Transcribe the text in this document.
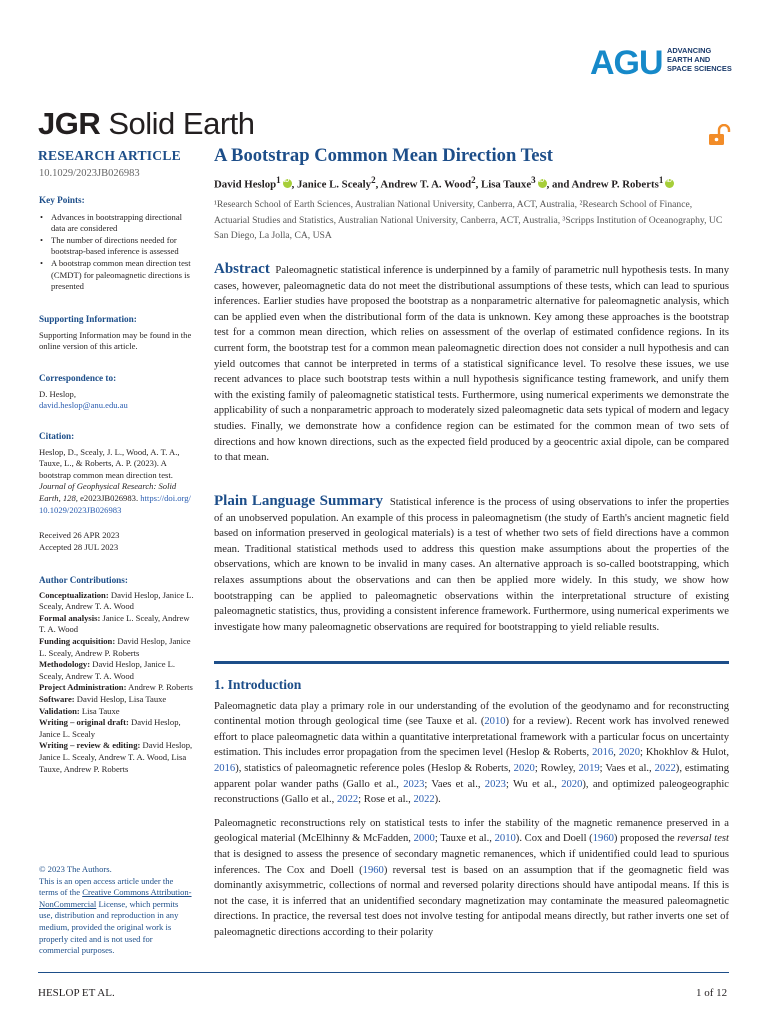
AGU ADVANCING
EARTH AND
SPACE SCIENCES
JGR Solid Earth
RESEARCH ARTICLE
10.1029/2023JB026983
Key Points:
• Advances in bootstrapping directional data are considered
• The number of directions needed for bootstrap-based inference is assessed
• A bootstrap common mean direction test (CMDT) for paleomagnetic directions is presented
Supporting Information:
Supporting Information may be found in the online version of this article.
Correspondence to:
D. Heslop,
david.heslop@anu.edu.au
Citation:
Heslop, D., Scealy, J. L., Wood, A. T. A., Tauxe, L., & Roberts, A. P. (2023). A bootstrap common mean direction test. Journal of Geophysical Research: Solid Earth, 128, e2023JB026983. https://doi.org/10.1029/2023JB026983
Received 26 APR 2023
Accepted 28 JUL 2023
Author Contributions:
Conceptualization: David Heslop, Janice L. Scealy, Andrew T. A. Wood
Formal analysis: Janice L. Scealy, Andrew T. A. Wood
Funding acquisition: David Heslop, Janice L. Scealy, Andrew P. Roberts
Methodology: David Heslop, Janice L. Scealy, Andrew T. A. Wood
Project Administration: Andrew P. Roberts
Software: David Heslop, Lisa Tauxe
Validation: Lisa Tauxe
Writing – original draft: David Heslop, Janice L. Scealy
Writing – review & editing: David Heslop, Janice L. Scealy, Andrew T. A. Wood, Lisa Tauxe, Andrew P. Roberts
© 2023 The Authors.
This is an open access article under the terms of the Creative Commons Attribution-NonCommercial License, which permits use, distribution and reproduction in any medium, provided the original work is properly cited and is not used for commercial purposes.
A Bootstrap Common Mean Direction Test
David Heslop$^1$ iD , Janice L. Scealy$^2$, Andrew T. A. Wood$^2$, Lisa Tauxe$^3$ iD , and Andrew P. Roberts$^1$iD
¹Research School of Earth Sciences, Australian National University, Canberra, ACT, Australia, ²Research School of Finance, Actuarial Studies and Statistics, Australian National University, Canberra, ACT, Australia, ³Scripps Institution of Oceanography, UC San Diego, La Jolla, CA, USA
Abstract Paleomagnetic statistical inference is underpinned by a family of parametric null hypothesis tests. In many cases, however, paleomagnetic data do not meet the distributional assumptions of these tests, which can lead to spurious inferences. Earlier studies have proposed the bootstrap as a nonparametric alternative for paleomagnetic analysis, which can be applied even when the distributional form of the data is unknown. Key among these approaches is the bootstrap test for a common mean direction, which relies on assessment of the overlap of estimated confidence regions. In its current form, the bootstrap test for a common mean paleomagnetic direction does not consider a null hypothesis and can yield outcomes that cannot be interpreted in terms of a statistical significance level. To resolve these issues, we use recent advances to place such bootstrap tests within a null hypothesis significance testing framework, and unify them with the existing family of paleomagnetic statistical tests. Furthermore, using numerical experiments we demonstrate the applicability of such a nonparametric approach to moderately sized paleomagnetic data sets typical of modern and legacy studies. Finally, we demonstrate how a confidence region can be estimated for the common mean of two sets of directions and how known directions, such as the expected field produced by a geocentric axial dipole, can be compared to that mean.
Plain Language Summary Statistical inference is the process of using observations to infer the properties of an unobserved population. An example of this process in paleomagnetism (the study of Earth's ancient magnetic field based on information preserved in geological materials) is a test of whether two sets of field directions have a common mean. Traditional statistical methods used to address this question make assumptions about the properties of the observations, which are known to be invalid in many cases. An alternative approach is so-called bootstrapping, which relaxes assumptions about the observations and can then be applied more widely. In this study, we show how bootstrapping can be applied to paleomagnetic observations within the interpretational structure of existing paleomagnetic statistics, thus, providing a consistent inference framework. Furthermore, using numerical experiments we investigate how many paleomagnetic observations are required for bootstrapping to yield reliable results.
1. Introduction
Paleomagnetic data play a primary role in our understanding of the evolution of the geodynamo and for reconstructing continental motion through geological time (see Tauxe et al. (2010) for a review). Recent work has involved renewed effort to place paleomagnetic data within a quantitative interpretational framework with a particular focus on uncertainty estimation. This includes error propagation from the specimen level (Heslop & Roberts, 2016, 2020; Khokhlov & Hulot, 2016), statistics of paleomagnetic reference poles (Heslop & Roberts, 2020; Rowley, 2019; Vaes et al., 2022), estimating apparent polar wander paths (Gallo et al., 2023; Vaes et al., 2023; Wu et al., 2020), and optimized paleogeographic reconstructions (Gallo et al., 2022; Rose et al., 2022).
Paleomagnetic reconstructions rely on statistical tests to infer the stability of the magnetic remanence preserved in a geological material (McElhinny & McFadden, 2000; Tauxe et al., 2010). Cox and Doell (1960) proposed the reversal test that is designed to assess the presence of secondary magnetic remanences, which if unidentified could lead to spurious inferences. The Cox and Doell (1960) reversal test is based on an assumption that if the geomagnetic field was dominantly axisymmetric, collections of normal and reversed polarity directions should have antipodal means. If this is not the case, it is inferred that an unidentified secondary magnetization may contaminate the measured paleomagnetic directions. In practice, the reversal test does not involve testing for antipodal means directly, but rather inverts one set of paleomagnetic directions according to their polarity
HESLOP ET AL.	1 of 12
